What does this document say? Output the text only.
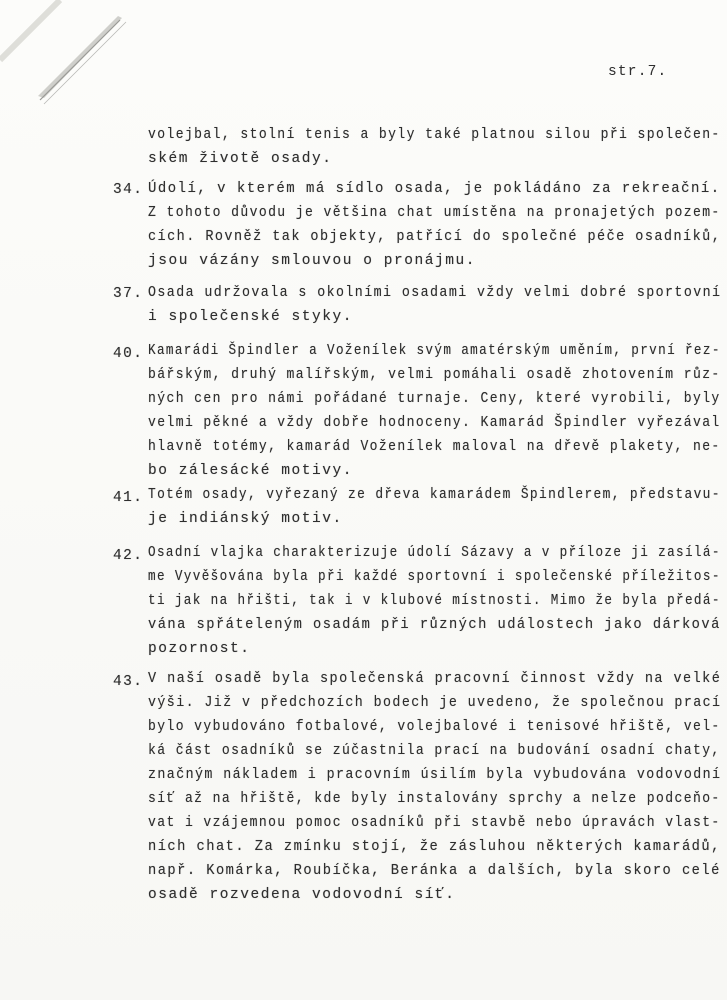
str.7.
volejbal, stolní tenis a byly také platnou silou při společen-
ském životě osady.
34. Údolí, v kterém má sídlo osada, je pokládáno za rekreační.
Z tohoto důvodu je většina chat umístěna na pronajetých pozem-
cích. Rovněž tak objekty, patřící do společné péče osadníků,
jsou vázány smlouvou o pronájmu.
37. Osada udržovala s okolními osadami vždy velmi dobré sportovní
i společenské styky.
40. Kamarádi Špindler a Voženílek svým amatérským uměním, první řez-
bářským, druhý malířským, velmi pomáhali osadě zhotovením růz-
ných cen pro námi pořádané turnaje. Ceny, které vyrobili, byly
velmi pěkné a vždy dobře hodnoceny. Kamarád Špindler vyřezával
hlavně totémy, kamarád Voženílek maloval na dřevě plakety, ne-
bo zálesácké motivy.
41. Totém osady, vyřezaný ze dřeva kamarádem Špindlerem, představu-
je indiánský motiv.
42. Osadní vlajka charakterizuje údolí Sázavy a v příloze ji zasílá-
me Vyvěšována byla při každé sportovní i společenské příležitos-
ti jak na hřišti, tak i v klubové místnosti. Mimo že byla předá-
vána spřáteleným osadám při různých událostech jako dárková
pozornost.
43. V naší osadě byla společenská pracovní činnost vždy na velké
výši. Již v předchozích bodech je uvedeno, že společnou prací
bylo vybudováno fotbalové, volejbalové i tenisové hřiště, vel-
ká část osadníků se zúčastnila prací na budování osadní chaty,
značným nákladem i pracovním úsilím byla vybudována vodovodní
síť až na hřiště, kde byly instalovány sprchy a nelze podceňo-
vat i vzájemnou pomoc osadníků při stavbě nebo úpravách vlast-
ních chat. Za zmínku stojí, že zásluhou některých kamarádů,
např. Komárka, Roubíčka, Beránka a dalších, byla skoro celé
osadě rozvedena vodovodní síť.
